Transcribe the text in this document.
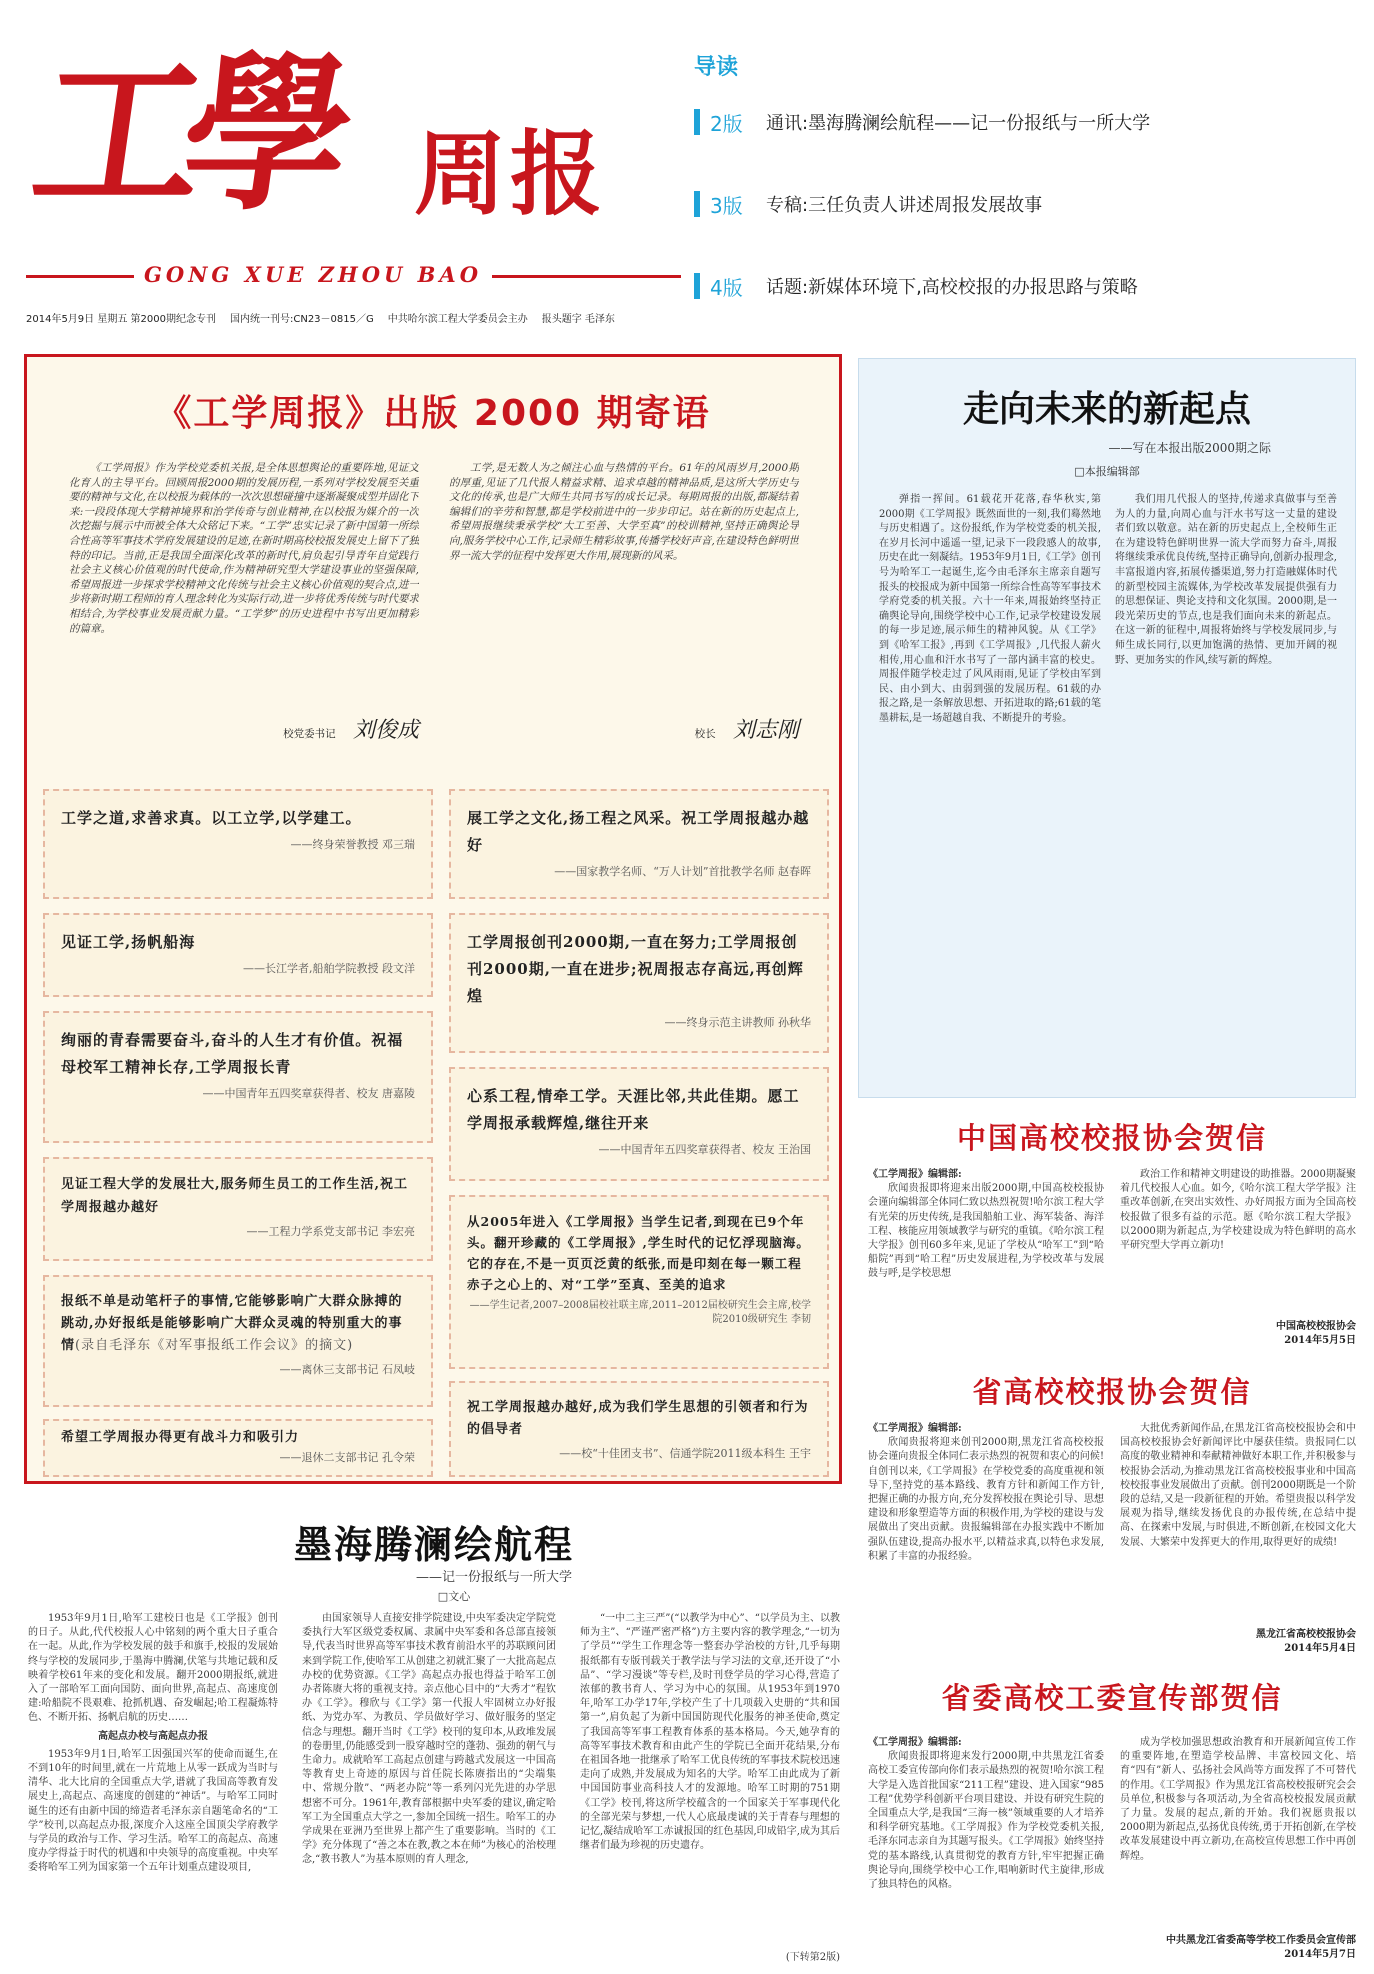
工學 周报
GONG XUE ZHOU BAO
2014年5月9日 星期五 第2000期纪念专刊 国内统一刊号:CN23－0815／G 中共哈尔滨工程大学委员会主办 报头题字 毛泽东
导读
2版	通讯:墨海腾澜绘航程——记一份报纸与一所大学
3版	专稿:三任负责人讲述周报发展故事
4版	话题:新媒体环境下,高校校报的办报思路与策略
《工学周报》出版 2000 期寄语
《工学周报》作为学校党委机关报,是全体思想舆论的重要阵地,见证文化育人的主导平台。回顾周报2000期的发展历程,一系列对学校发展至关重要的精神与文化,在以校报为载体的一次次思想碰撞中逐渐凝聚成型并固化下来:一段段体现大学精神境界和治学传奇与创业精神,在以校报为媒介的一次次挖掘与展示中而被全体大众铭记下来。“工学”忠实记录了新中国第一所综合性高等军事技术学府发展建设的足迹,在新时期高校校报发展史上留下了独特的印记。当前,正是我国全面深化改革的新时代,肩负起引导青年自觉践行社会主义核心价值观的时代使命,作为精神研究型大学建设事业的坚强保障,希望周报进一步探求学校精神文化传统与社会主义核心价值观的契合点,进一步将新时期工程师的育人理念转化为实际行动,进一步将优秀传统与时代要求相结合,为学校事业发展贡献力量。“工学梦”的历史进程中书写出更加精彩的篇章。
校党委书记 刘俊成
工学,是无数人为之倾注心血与热情的平台。61年的风雨岁月,2000期的厚重,见证了几代报人精益求精、追求卓越的精神品质,是这所大学历史与文化的传承,也是广大师生共同书写的成长记录。每期周报的出版,都凝结着编辑们的辛劳和智慧,都是学校前进中的一步步印记。站在新的历史起点上,希望周报继续秉承学校“大工至善、大学至真”的校训精神,坚持正确舆论导向,服务学校中心工作,记录师生精彩故事,传播学校好声音,在建设特色鲜明世界一流大学的征程中发挥更大作用,展现新的风采。
校长 刘志刚
工学之道,求善求真。以工立学,以学建工。
——终身荣誉教授 邓三瑞
见证工学,扬帆船海
——长江学者,船舶学院教授 段文洋
绚丽的青春需要奋斗,奋斗的人生才有价值。祝福母校军工精神长存,工学周报长青
——中国青年五四奖章获得者、校友 唐嘉陵
见证工程大学的发展壮大,服务师生员工的工作生活,祝工学周报越办越好
——工程力学系党支部书记 李宏亮
报纸不单是动笔杆子的事情,它能够影响广大群众脉搏的跳动,办好报纸是能够影响广大群众灵魂的特别重大的事情(录自毛泽东《对军事报纸工作会议》的摘文)
——离休三支部书记 石凤岐
希望工学周报办得更有战斗力和吸引力
——退休二支部书记 孔令荣
展工学之文化,扬工程之风采。祝工学周报越办越好
——国家教学名师、“万人计划”首批教学名师 赵春晖
工学周报创刊2000期,一直在努力;工学周报创刊2000期,一直在进步;祝周报志存高远,再创辉煌
——终身示范主讲教师 孙秋华
心系工程,情牵工学。天涯比邻,共此佳期。愿工学周报承载辉煌,继往开来
——中国青年五四奖章获得者、校友 王治国
从2005年进入《工学周报》当学生记者,到现在已9个年头。翻开珍藏的《工学周报》,学生时代的记忆浮现脑海。它的存在,不是一页页泛黄的纸张,而是印刻在每一颗工程赤子之心上的、对“工学”至真、至美的追求
——学生记者,2007–2008届校社联主席,2011–2012届校研究生会主席,校学院2010级研究生 李韧
祝工学周报越办越好,成为我们学生思想的引领者和行为的倡导者
——校“十佳团支书”、信通学院2011级本科生 王宇
走向未来的新起点
——写在本报出版2000期之际
□本报编辑部
弹指一挥间。61载花开花落,春华秋实,第2000期《工学周报》既然面世的一刻,我们蓦然地与历史相遇了。这份报纸,作为学校党委的机关报,在岁月长河中遥遥一望,记录下一段段感人的故事,历史在此一刻凝结。1953年9月1日,《工学》创刊号为哈军工一起诞生,迄今由毛泽东主席亲自题写报头的校报成为新中国第一所综合性高等军事技术学府党委的机关报。六十一年来,周报始终坚持正确舆论导向,围绕学校中心工作,记录学校建设发展的每一步足迹,展示师生的精神风貌。从《工学》到《哈军工报》,再到《工学周报》,几代报人薪火相传,用心血和汗水书写了一部内涵丰富的校史。周报伴随学校走过了风风雨雨,见证了学校由军到民、由小到大、由弱到强的发展历程。61载的办报之路,是一条解放思想、开拓进取的路;61载的笔墨耕耘,是一场超越自我、不断提升的考验。
我们用几代报人的坚持,传递求真做事与至善为人的力量,向周心血与汗水书写这一丈量的建设者们致以敬意。站在新的历史起点上,全校师生正在为建设特色鲜明世界一流大学而努力奋斗,周报将继续秉承优良传统,坚持正确导向,创新办报理念,丰富报道内容,拓展传播渠道,努力打造融媒体时代的新型校园主流媒体,为学校改革发展提供强有力的思想保证、舆论支持和文化氛围。2000期,是一段光荣历史的节点,也是我们面向未来的新起点。在这一新的征程中,周报将始终与学校发展同步,与师生成长同行,以更加饱满的热情、更加开阔的视野、更加务实的作风,续写新的辉煌。
中国高校校报协会贺信
《工学周报》编辑部:
欣闻贵报即将迎来出版2000期,中国高校校报协会谨向编辑部全体同仁致以热烈祝贺!哈尔滨工程大学有光荣的历史传统,是我国船舶工业、海军装备、海洋工程、核能应用领域教学与研究的重镇。《哈尔滨工程大学报》创刊60多年来,见证了学校从“哈军工”到“哈船院”再到“哈工程”历史发展进程,为学校改革与发展鼓与呼,是学校思想
政治工作和精神文明建设的助推器。2000期凝聚着几代校报人心血。如今,《哈尔滨工程大学学报》注重改革创新,在突出实效性、办好周报方面为全国高校校报做了很多有益的示范。愿《哈尔滨工程大学报》以2000期为新起点,为学校建设成为特色鲜明的高水平研究型大学再立新功!
中国高校校报协会
2014年5月5日
省高校校报协会贺信
《工学周报》编辑部:
欣闻贵报将迎来创刊2000期,黑龙江省高校校报协会谨向贵报全体同仁表示热烈的祝贺和衷心的问候!自创刊以来,《工学周报》在学校党委的高度重视和领导下,坚持党的基本路线、教育方针和新闻工作方针,把握正确的办报方向,充分发挥校报在舆论引导、思想建设和形象塑造等方面的积极作用,为学校的建设与发展做出了突出贡献。贵报编辑部在办报实践中不断加强队伍建设,提高办报水平,以精益求真,以特色求发展,积累了丰富的办报经验。
大批优秀新闻作品,在黑龙江省高校校报协会和中国高校校报协会好新闻评比中屡获佳绩。贵报同仁以高度的敬业精神和奉献精神做好本职工作,并积极参与校报协会活动,为推动黑龙江省高校校报事业和中国高校校报事业发展做出了贡献。创刊2000期既是一个阶段的总结,又是一段新征程的开始。希望贵报以科学发展观为指导,继续发扬优良的办报传统,在总结中提高、在探索中发展,与时俱进,不断创新,在校园文化大发展、大繁荣中发挥更大的作用,取得更好的成绩!
黑龙江省高校校报协会
2014年5月4日
省委高校工委宣传部贺信
《工学周报》编辑部:
欣闻贵报即将迎来发行2000期,中共黑龙江省委高校工委宣传部向你们表示最热烈的祝贺!哈尔滨工程大学是入选首批国家“211工程”建设、进入国家“985工程”优势学科创新平台项目建设、并设有研究生院的全国重点大学,是我国“三海一核”领域重要的人才培养和科学研究基地。《工学周报》作为学校党委机关报,毛泽东同志亲自为其题写报头。《工学周报》始终坚持党的基本路线,认真贯彻党的教育方针,牢牢把握正确舆论导向,围绕学校中心工作,唱响新时代主旋律,形成了独具特色的风格。
成为学校加强思想政治教育和开展新闻宣传工作的重要阵地,在塑造学校品牌、丰富校园文化、培育“四有”新人、弘扬社会风尚等方面发挥了不可替代的作用。《工学周报》作为黑龙江省高校校报研究会会员单位,积极参与各项活动,为全省高校校报发展贡献了力量。发展的起点,新的开始。我们祝愿贵报以2000期为新起点,弘扬优良传统,勇于开拓创新,在学校改革发展建设中再立新功,在高校宣传思想工作中再创辉煌。
中共黑龙江省委高等学校工作委员会宣传部
2014年5月7日
墨海腾澜绘航程
——记一份报纸与一所大学
□文心
1953年9月1日,哈军工建校日也是《工学报》创刊的日子。从此,代代校报人心中铭刻的两个重大日子重合在一起。从此,作为学校发展的鼓手和旗手,校报的发展始终与学校的发展同步,于墨海中腾澜,伏笔与共地记载和反映着学校61年来的变化和发展。翻开2000期报纸,就进入了一部哈军工面向国防、面向世界,高起点、高速度创建:哈船院不畏艰难、抢抓机遇、奋发崛起;哈工程凝炼特色、不断开拓、扬帆启航的历史……
高起点办校与高起点办报
1953年9月1日,哈军工因强国兴军的使命而诞生,在不到10年的时间里,就在一片荒地上从零一跃成为当时与清华、北大比肩的全国重点大学,谱就了我国高等教育发展史上,高起点、高速度的创建的“神话”。与哈军工同时诞生的还有由新中国的缔造者毛泽东亲自题笔命名的“工学”校刊,以高起点办报,深度介入这座全国顶尖学府教学与学员的政治与工作、学习生活。哈军工的高起点、高速度办学得益于时代的机遇和中央领导的高度重视。中央军委将哈军工列为国家第一个五年计划重点建设项目,
由国家领导人直接安排学院建设,中央军委决定学院党委执行大军区级党委权属、隶属中央军委和各总部直接领导,代表当时世界高等军事技术教育前沿水平的苏联顾问团来到学院工作,使哈军工从创建之初就汇聚了一大批高起点办校的优势资源。《工学》高起点办报也得益于哈军工创办者陈赓大将的重视支持。亲点他心目中的“大秀才”程钦办《工学》。穆欣与《工学》第一代报人牢固树立办好报纸、为党办军、为教员、学员做好学习、做好服务的坚定信念与理想。翻开当时《工学》校刊的复印本,从政堆发展的卷册里,仍能感受到一股穿越时空的蓬勃、强劲的朝气与生命力。成就哈军工高起点创建与跨越式发展这一中国高等教育史上奇迹的原因与首任院长陈赓指出的“尖端集中、常规分散”、“两老办院”等一系列闪光先进的办学思想密不可分。1961年,教育部根据中央军委的建议,确定哈军工为全国重点大学之一,参加全国统一招生。哈军工的办学成果在亚洲乃至世界上都产生了重要影响。当时的《工学》充分体现了“善之本在教,教之本在师”为核心的治校理念,“教书教人”为基本原则的育人理念,
“一中二主三严”(“以教学为中心”、“以学员为主、以教师为主”、“严谨严密严格”)方主要内容的教学理念,“一切为了学员”“学生工作理念等一整套办学治校的方针,几乎每期报纸都有专版刊载关于教学法与学习法的文章,还开设了“小品”、“学习漫谈”等专栏,及时刊登学员的学习心得,营造了浓郁的教书育人、学习为中心的氛围。从1953年到1970年,哈军工办学17年,学校产生了十几项载入史册的“共和国第一”,肩负起了为新中国国防现代化服务的神圣使命,奠定了我国高等军事工程教育体系的基本格局。今天,她孕育的高等军事技术教育和由此产生的学院已全面开花结果,分布在祖国各地一批继承了哈军工优良传统的军事技术院校迅速走向了成熟,并发展成为知名的大学。哈军工由此成为了新中国国防事业高科技人才的发源地。哈军工时期的751期《工学》校刊,将这所学校蕴含的一个国家关于军事现代化的全部光荣与梦想,一代人心底最虔诚的关于青春与理想的记忆,凝结成哈军工赤诚报国的红色基因,印成铅字,成为其后继者们最为珍视的历史遗存。
(下转第2版)
